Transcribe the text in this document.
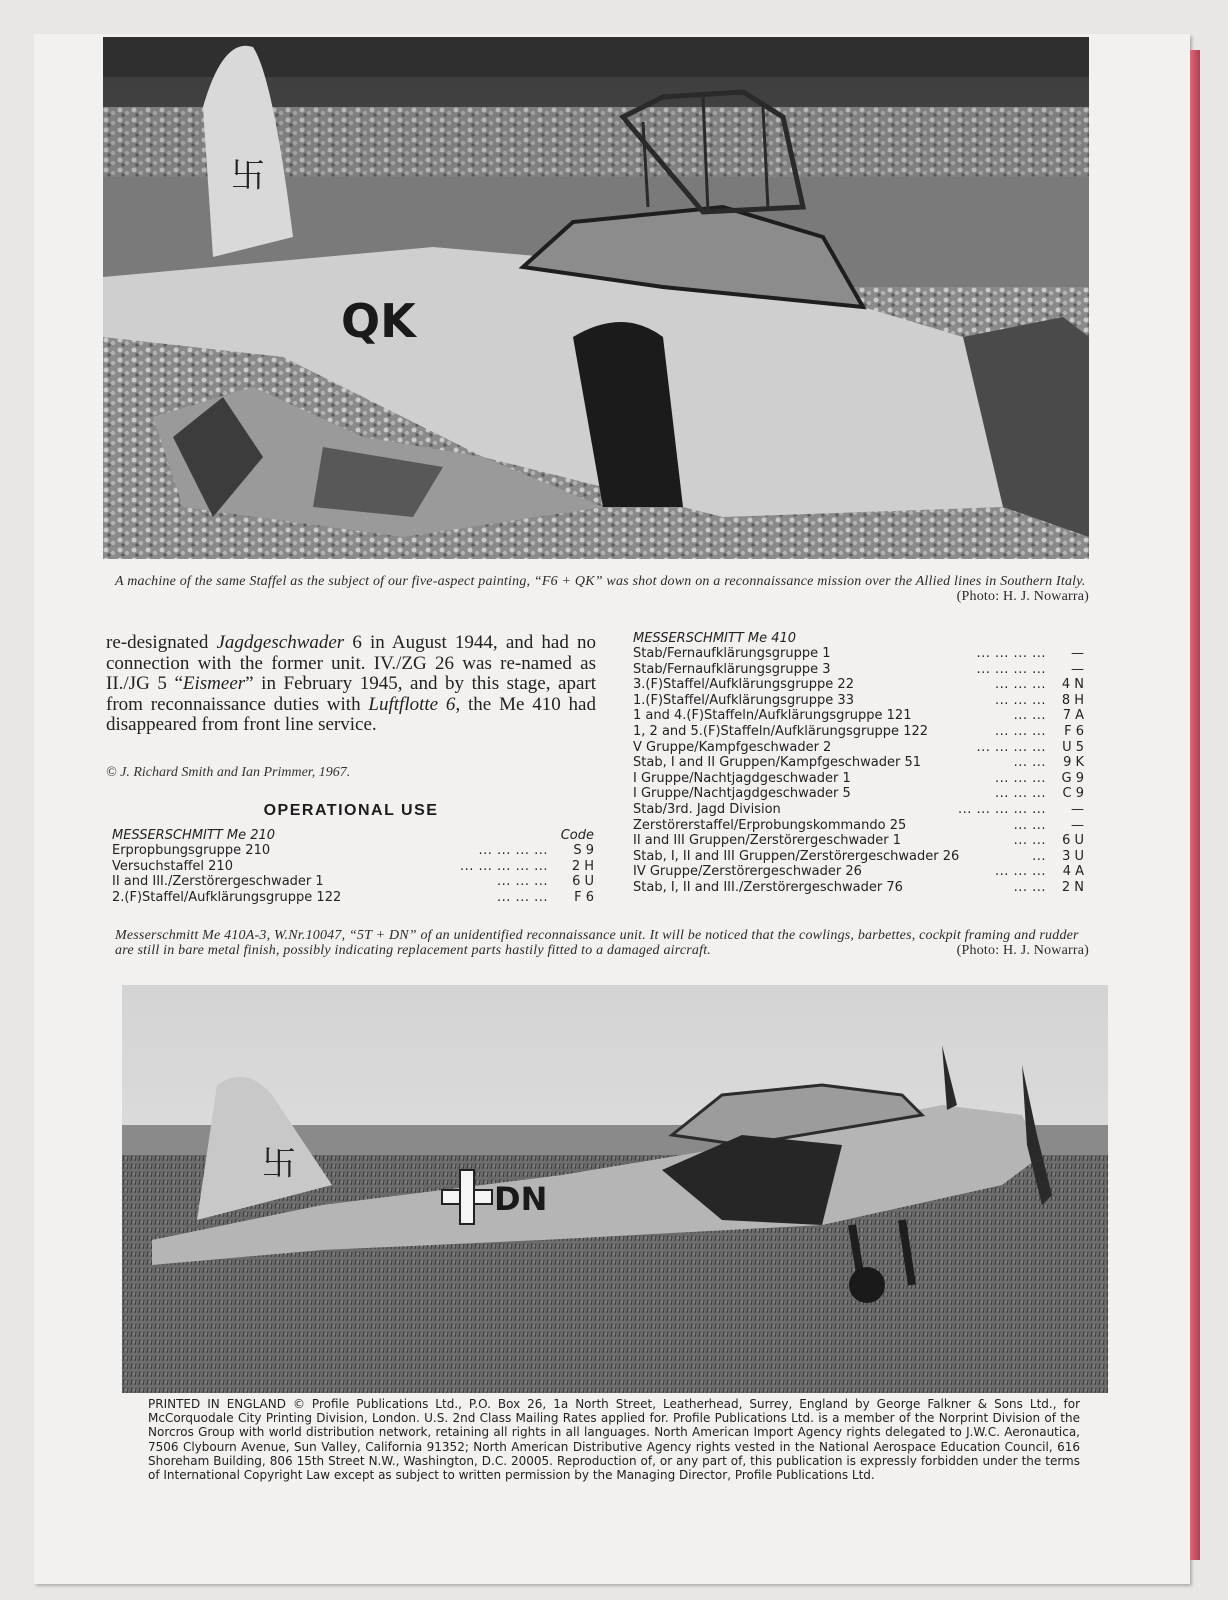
卐
QK
A machine of the same Staffel as the subject of our five-aspect painting, “F6 + QK” was shot down on a reconnaissance mission over the Allied lines in Southern Italy.
(Photo: H. J. Nowarra)
re-designated Jagdgeschwader 6 in August 1944, and had no connection with the former unit. IV./ZG 26 was re-named as II./JG 5 “Eismeer” in February 1945, and by this stage, apart from reconnaissance duties with Luftflotte 6, the Me 410 had disappeared from front line service.
© J. Richard Smith and Ian Primmer, 1967.
OPERATIONAL USE
MESSERSCHMITT Me 210	Code
Erpropbungsgruppe 210	... ... ... ...	S 9
Versuchstaffel 210	... ... ... ... ...	2 H
II and III./Zerstörergeschwader 1	... ... ...	6 U
2.(F)Staffel/Aufklärungsgruppe 122	... ... ...	F 6
MESSERSCHMITT Me 410
Stab/Fernaufklärungsgruppe 1	... ... ... ...	—
Stab/Fernaufklärungsgruppe 3	... ... ... ...	—
3.(F)Staffel/Aufklärungsgruppe 22	... ... ... 4 N
1.(F)Staffel/Aufklärungsgruppe 33	... ... ... 8 H
1 and 4.(F)Staffeln/Aufklärungsgruppe 121	... ... 7 A
1, 2 and 5.(F)Staffeln/Aufklärungsgruppe 122	... ... ...	F 6
V Gruppe/Kampfgeschwader 2	... ... ... ... U 5
Stab, I and II Gruppen/Kampfgeschwader 51	... ... 9 K
I Gruppe/Nachtjagdgeschwader 1	... ... ... G 9
I Gruppe/Nachtjagdgeschwader 5	... ... ... C 9
Stab/3rd. Jagd Division	... ... ... ... ...	—
Zerstörerstaffel/Erprobungskommando 25	... ...	—
II and III Gruppen/Zerstörergeschwader 1	... ... 6 U
Stab, I, II and III Gruppen/Zerstörergeschwader 26	... 3 U
IV Gruppe/Zerstörergeschwader 26	... ... ... 4 A
Stab, I, II and III./Zerstörergeschwader 76	... ... 2 N
Messerschmitt Me 410A-3, W.Nr.10047, “5T + DN” of an unidentified reconnaissance unit. It will be noticed that the cowlings, barbettes, cockpit framing and rudder are still in bare metal finish, possibly indicating replacement parts hastily fitted to a damaged aircraft.	(Photo: H. J. Nowarra)
卐
DN
PRINTED IN ENGLAND © Profile Publications Ltd., P.O. Box 26, 1a North Street, Leatherhead, Surrey, England by George Falkner & Sons Ltd., for McCorquodale City Printing Division, London. U.S. 2nd Class Mailing Rates applied for. Profile Publications Ltd. is a member of the Norprint Division of the Norcros Group with world distribution network, retaining all rights in all languages. North American Import Agency rights delegated to J.W.C. Aeronautica, 7506 Clybourn Avenue, Sun Valley, California 91352; North American Distributive Agency rights vested in the National Aerospace Education Council, 616 Shoreham Building, 806 15th Street N.W., Washington, D.C. 20005. Reproduction of, or any part of, this publication is expressly forbidden under the terms of International Copyright Law except as subject to written permission by the Managing Director, Profile Publications Ltd.
